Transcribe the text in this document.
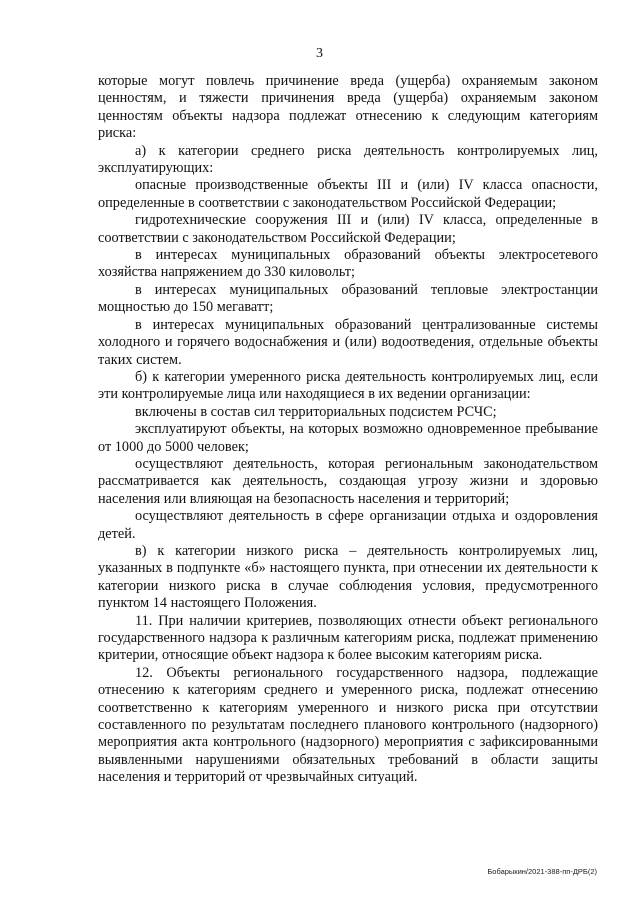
3

которые могут повлечь причинение вреда (ущерба) охраняемым законом ценностям, и тяжести причинения вреда (ущерба) охраняемым законом ценностям объекты надзора подлежат отнесению к следующим категориям риска:

а) к категории среднего риска деятельность контролируемых лиц, эксплуатирующих:

опасные производственные объекты III и (или) IV класса опасности, определенные в соответствии с законодательством Российской Федерации;

гидротехнические сооружения III и (или) IV класса, определенные в соответствии с законодательством Российской Федерации;

в интересах муниципальных образований объекты электросетевого хозяйства напряжением до 330 киловольт;

в интересах муниципальных образований тепловые электростанции мощностью до 150 мегаватт;

в интересах муниципальных образований централизованные системы холодного и горячего водоснабжения и (или) водоотведения, отдельные объекты таких систем.

б) к категории умеренного риска деятельность контролируемых лиц, если эти контролируемые лица или находящиеся в их ведении организации:

включены в состав сил территориальных подсистем РСЧС;

эксплуатируют объекты, на которых возможно одновременное пребывание от 1000 до 5000 человек;

осуществляют деятельность, которая региональным законодательством рассматривается как деятельность, создающая угрозу жизни и здоровью населения или влияющая на безопасность населения и территорий;

осуществляют деятельность в сфере организации отдыха и оздоровления детей.

в) к категории низкого риска – деятельность контролируемых лиц, указанных в подпункте «б» настоящего пункта, при отнесении их деятельности к категории низкого риска в случае соблюдения условия, предусмотренного пунктом 14 настоящего Положения.

11. При наличии критериев, позволяющих отнести объект регионального государственного надзора к различным категориям риска, подлежат применению критерии, относящие объект надзора к более высоким категориям риска.

12. Объекты регионального государственного надзора, подлежащие отнесению к категориям среднего и умеренного риска, подлежат отнесению соответственно к категориям умеренного и низкого риска при отсутствии составленного по результатам последнего планового контрольного (надзорного) мероприятия акта контрольного (надзорного) мероприятия с зафиксированными выявленными нарушениями обязательных требований в области защиты населения и территорий от чрезвычайных ситуаций.

Бобарыкин/2021-388-пп-ДРБ(2)
